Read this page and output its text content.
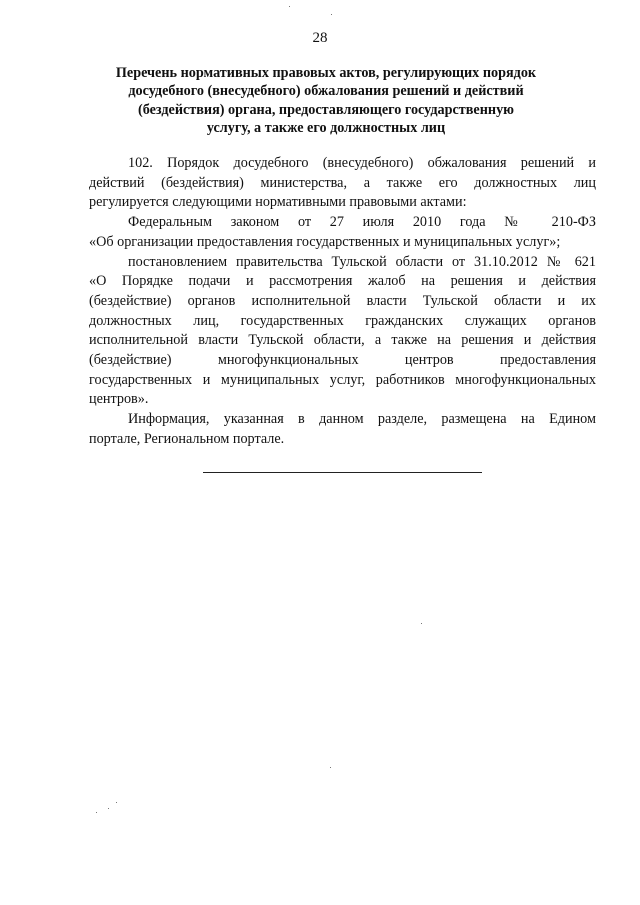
28
Перечень нормативных правовых актов, регулирующих порядок
досудебного (внесудебного) обжалования решений и действий
(бездействия) органа, предоставляющего государственную
услугу, а также его должностных лиц

102. Порядок досудебного (внесудебного) обжалования решений и
действий (бездействия) министерства, а также его должностных лиц
регулируется следующими нормативными правовыми актами:

Федеральным законом от 27 июля 2010 года № 210-ФЗ
«Об организации предоставления государственных и муниципальных услуг»;

постановлением правительства Тульской области от 31.10.2012 № 621
«О Порядке подачи и рассмотрения жалоб на решения и действия
(бездействие) органов исполнительной власти Тульской области и их
должностных лиц, государственных гражданских служащих органов
исполнительной власти Тульской области, а также на решения и действия
(бездействие) многофункциональных центров предоставления
государственных и муниципальных услуг, работников многофункциональных
центров».

Информация, указанная в данном разделе, размещена на Едином
портале, Региональном портале.
